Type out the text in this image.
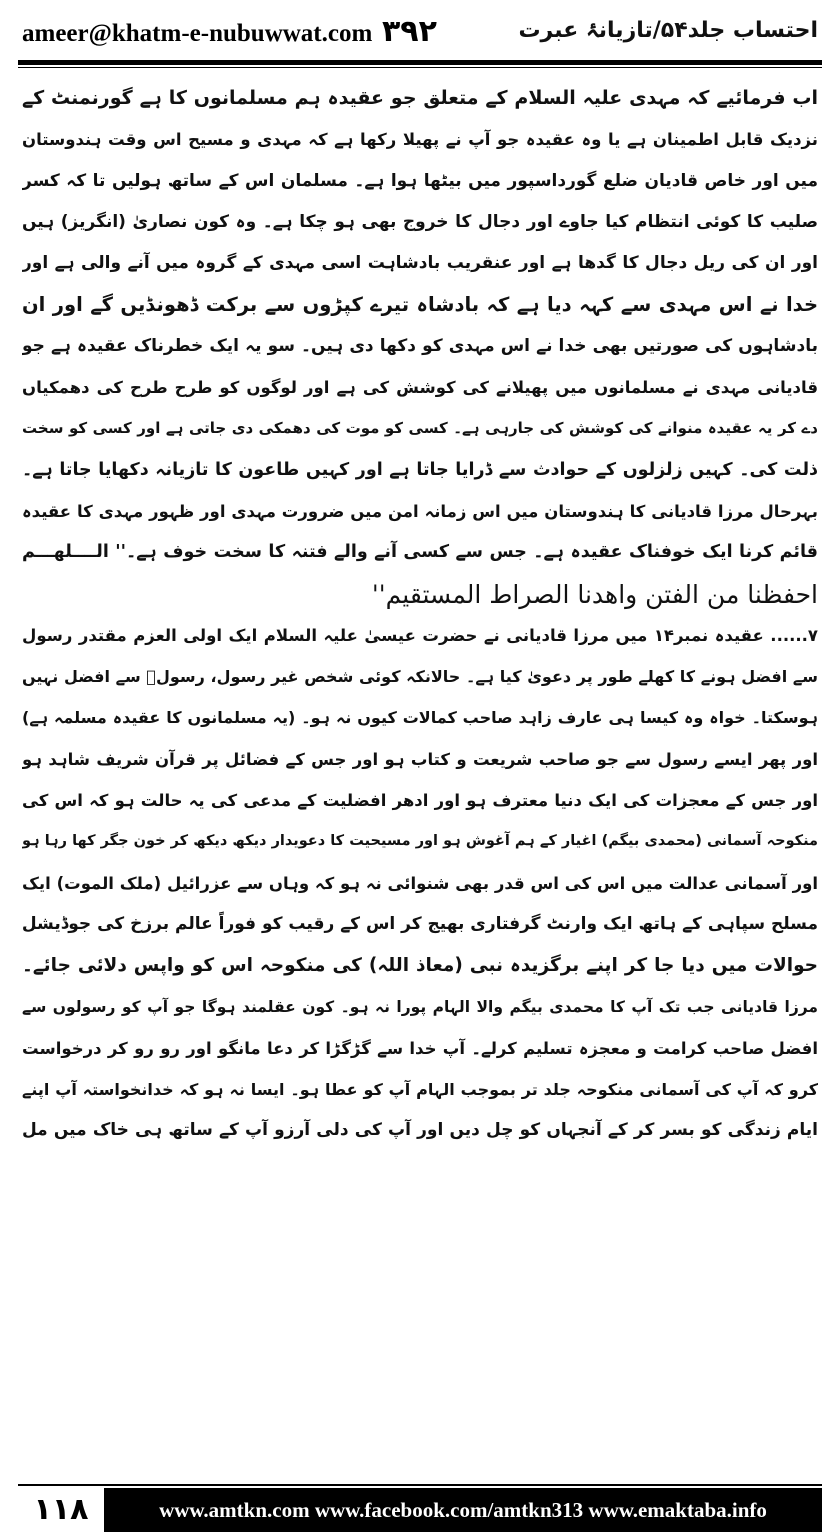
ameer@khatm-e-nubuwwat.com ۳۹۲	احتساب جلد۵۴/تازیانۂ عبرت
اب فرمائیے کہ مہدی علیہ السلام کے متعلق جو عقیدہ ہم مسلمانوں کا ہے گورنمنٹ کے
نزدیک قابل اطمینان ہے یا وہ عقیدہ جو آپ نے پھیلا رکھا ہے کہ مہدی و مسیح اس وقت ہندوستان
میں اور خاص قادیان ضلع گورداسپور میں بیٹھا ہوا ہے۔ مسلمان اس کے ساتھ ہولیں تا کہ کسر
صلیب کا کوئی انتظام کیا جاوے اور دجال کا خروج بھی ہو چکا ہے۔ وہ کون نصاریٰ (انگریز) ہیں
اور ان کی ریل دجال کا گدھا ہے اور عنقریب بادشاہت اسی مہدی کے گروہ میں آنے والی ہے اور
خدا نے اس مہدی سے کہہ دیا ہے کہ بادشاہ تیرے کپڑوں سے برکت ڈھونڈیں گے اور ان
بادشاہوں کی صورتیں بھی خدا نے اس مہدی کو دکھا دی ہیں۔ سو یہ ایک خطرناک عقیدہ ہے جو
قادیانی مہدی نے مسلمانوں میں پھیلانے کی کوشش کی ہے اور لوگوں کو طرح طرح کی دھمکیاں
دے کر یہ عقیدہ منوانے کی کوشش کی جارہی ہے۔ کسی کو موت کی دھمکی دی جاتی ہے اور کسی کو سخت
ذلت کی۔ کہیں زلزلوں کے حوادث سے ڈرایا جاتا ہے اور کہیں طاعون کا تازیانہ دکھایا جاتا ہے۔
بہرحال مرزا قادیانی کا ہندوستان میں اس زمانہ امن میں ضرورت مہدی اور ظہور مہدی کا عقیدہ
قائم کرنا ایک خوفناک عقیدہ ہے۔ جس سے کسی آنے والے فتنہ کا سخت خوف ہے۔'' الــــلهـــم
احفظنا من الفتن واهدنا الصراط المستقيم''
۷...... عقیدہ نمبر۱۴ میں مرزا قادیانی نے حضرت عیسیٰ علیہ السلام ایک اولی العزم مقتدر رسول
سے افضل ہونے کا کھلے طور پر دعویٰ کیا ہے۔ حالانکہ کوئی شخص غیر رسول، رسولؑ سے افضل نہیں
ہوسکتا۔ خواہ وہ کیسا ہی عارف زاہد صاحب کمالات کیوں نہ ہو۔ (یہ مسلمانوں کا عقیدہ مسلمہ ہے)
اور پھر ایسے رسول سے جو صاحب شریعت و کتاب ہو اور جس کے فضائل پر قرآن شریف شاہد ہو
اور جس کے معجزات کی ایک دنیا معترف ہو اور ادھر افضلیت کے مدعی کی یہ حالت ہو کہ اس کی
منکوحہ آسمانی (محمدی بیگم) اغیار کے ہم آغوش ہو اور مسیحیت کا دعویدار دیکھ دیکھ کر خون جگر کھا رہا ہو
اور آسمانی عدالت میں اس کی اس قدر بھی شنوائی نہ ہو کہ وہاں سے عزرائیل (ملک الموت) ایک
مسلح سپاہی کے ہاتھ ایک وارنٹ گرفتاری بھیج کر اس کے رقیب کو فوراً عالم برزخ کی جوڈیشل
حوالات میں دیا جا کر اپنے برگزیدہ نبی (معاذ اللہ) کی منکوحہ اس کو واپس دلائی جائے۔
مرزا قادیانی جب تک آپ کا محمدی بیگم والا الہام پورا نہ ہو۔ کون عقلمند ہوگا جو آپ کو رسولوں سے
افضل صاحب کرامت و معجزہ تسلیم کرلے۔ آپ خدا سے گڑگڑا کر دعا مانگو اور رو رو کر درخواست
کرو کہ آپ کی آسمانی منکوحہ جلد تر بموجب الہام آپ کو عطا ہو۔ ایسا نہ ہو کہ خدانخواستہ آپ اپنے
ایام زندگی کو بسر کر کے آنجہاں کو چل دیں اور آپ کی دلی آرزو آپ کے ساتھ ہی خاک میں مل
۱۱۸	www.amtkn.com www.facebook.com/amtkn313 www.emaktaba.info
